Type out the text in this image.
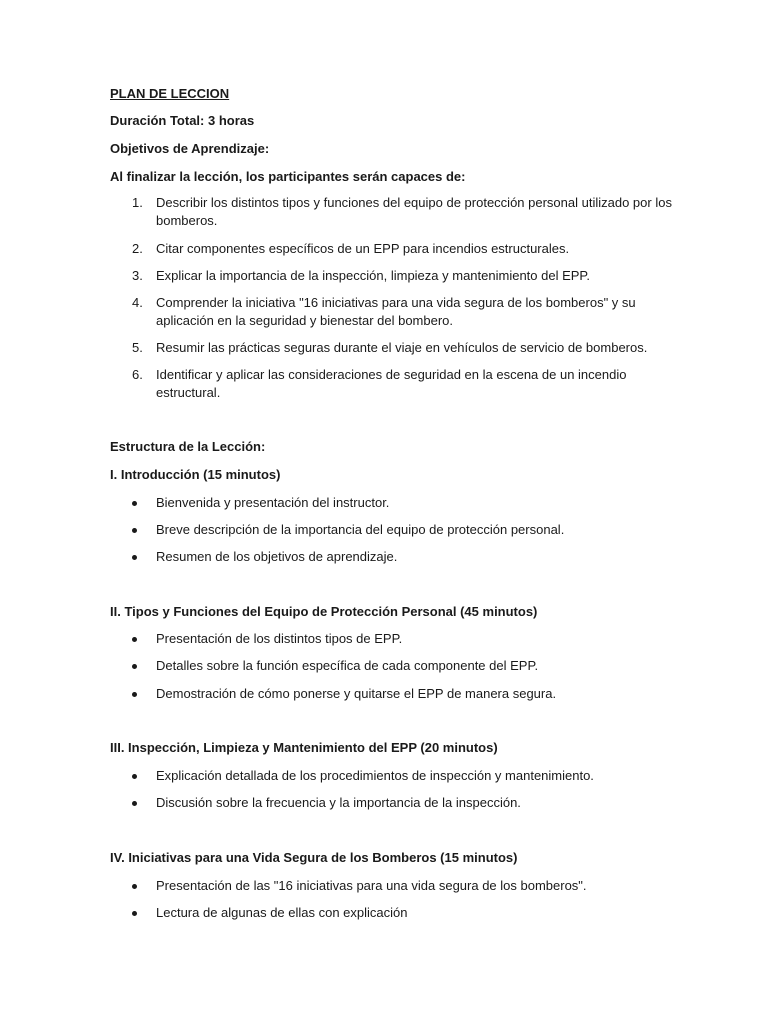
PLAN DE LECCION
Duración Total: 3 horas
Objetivos de Aprendizaje:
Al finalizar la lección, los participantes serán capaces de:
1. Describir los distintos tipos y funciones del equipo de protección personal utilizado por los bomberos.
2. Citar componentes específicos de un EPP para incendios estructurales.
3. Explicar la importancia de la inspección, limpieza y mantenimiento del EPP.
4. Comprender la iniciativa "16 iniciativas para una vida segura de los bomberos" y su aplicación en la seguridad y bienestar del bombero.
5. Resumir las prácticas seguras durante el viaje en vehículos de servicio de bomberos.
6. Identificar y aplicar las consideraciones de seguridad en la escena de un incendio estructural.
Estructura de la Lección:
I. Introducción (15 minutos)
Bienvenida y presentación del instructor.
Breve descripción de la importancia del equipo de protección personal.
Resumen de los objetivos de aprendizaje.
II. Tipos y Funciones del Equipo de Protección Personal (45 minutos)
Presentación de los distintos tipos de EPP.
Detalles sobre la función específica de cada componente del EPP.
Demostración de cómo ponerse y quitarse el EPP de manera segura.
III. Inspección, Limpieza y Mantenimiento del EPP (20 minutos)
Explicación detallada de los procedimientos de inspección y mantenimiento.
Discusión sobre la frecuencia y la importancia de la inspección.
IV. Iniciativas para una Vida Segura de los Bomberos (15 minutos)
Presentación de las "16 iniciativas para una vida segura de los bomberos".
Lectura de algunas de ellas con explicación
